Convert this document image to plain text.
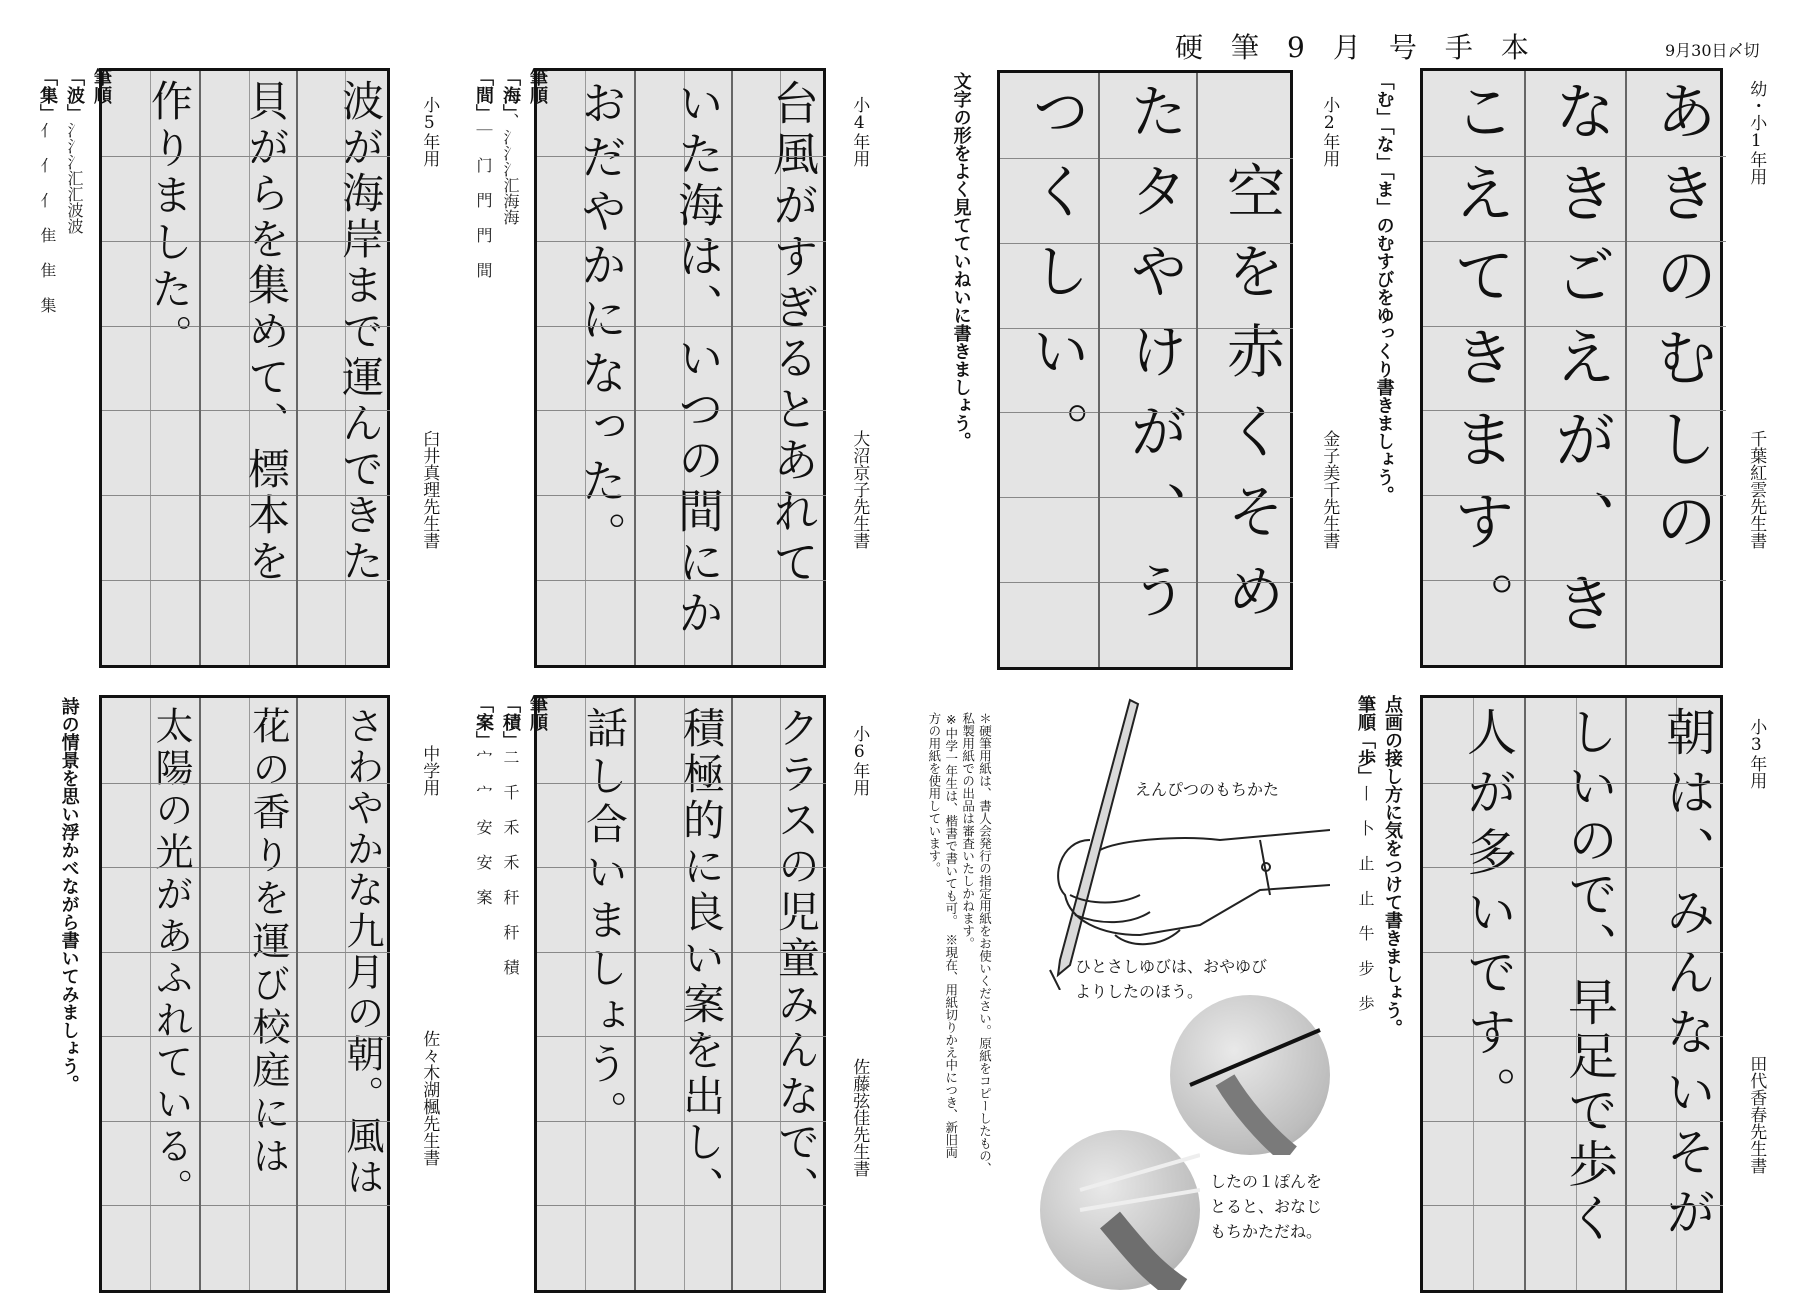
硬筆9月号手本	9月30日〆切
幼・小1年用
千葉紅雲先生書
こえてきます。 なきごえが、き あきのむしの
「む」「な」「ま」のむすびをゆっくり書きましょう。
小2年用
金子美千先生書
つくしい。 たタやけが、う 　空を赤くそめ
文字の形をよく見てていねいに書きましょう。
小4年用
大沼京子先生書
おだやかになった。 いた海は、いつの間にか 台風がすぎるとあれて
筆順
「海」、氵氵氵汇海海
「間」｜ 门 門 門 間
小5年用
臼井真理先生書
作りました。	貝がらを集めて、標本を	波が海岸まで運んできた
筆順
「波」氵氵氵汇汇波波
「集」亻 亻 亻 隹 隹 集
小3年用
田代香春先生書
人が多いです。 しいので、早足で歩く 朝は、みんないそが
点画の接し方に気をつけて書きましょう。
筆順「歩」丨 卜 止 止 牛 步 歩
小6年用
佐藤弦佳先生書
話し合いましょう。	積極的に良い案を出し、	クラスの児童みんなで、
筆順
「積」二 千 禾 禾 秆 秆 積
「案」宀 宀 安 安 案
中学用
佐々木湖楓先生書
太陽の光があふれている。	花の香りを運び校庭には	さわやかな九月の朝。風は
詩の情景を思い浮かべながら書いてみましょう。	＊硬筆用紙は、書人会発行の指定用紙をお使いください。原紙をコピーしたもの、
私製用紙での出品は審査いたしかねます。
※中学一年生は、楷書で書いても可。　※現在、用紙切りかえ中につき、新旧両
方の用紙を使用しています。	えんぴつのもちかた
ひとさしゆびは、おやゆび
よりしたのほう。
したの１ぽんを
とると、おなじ
もちかただね。
